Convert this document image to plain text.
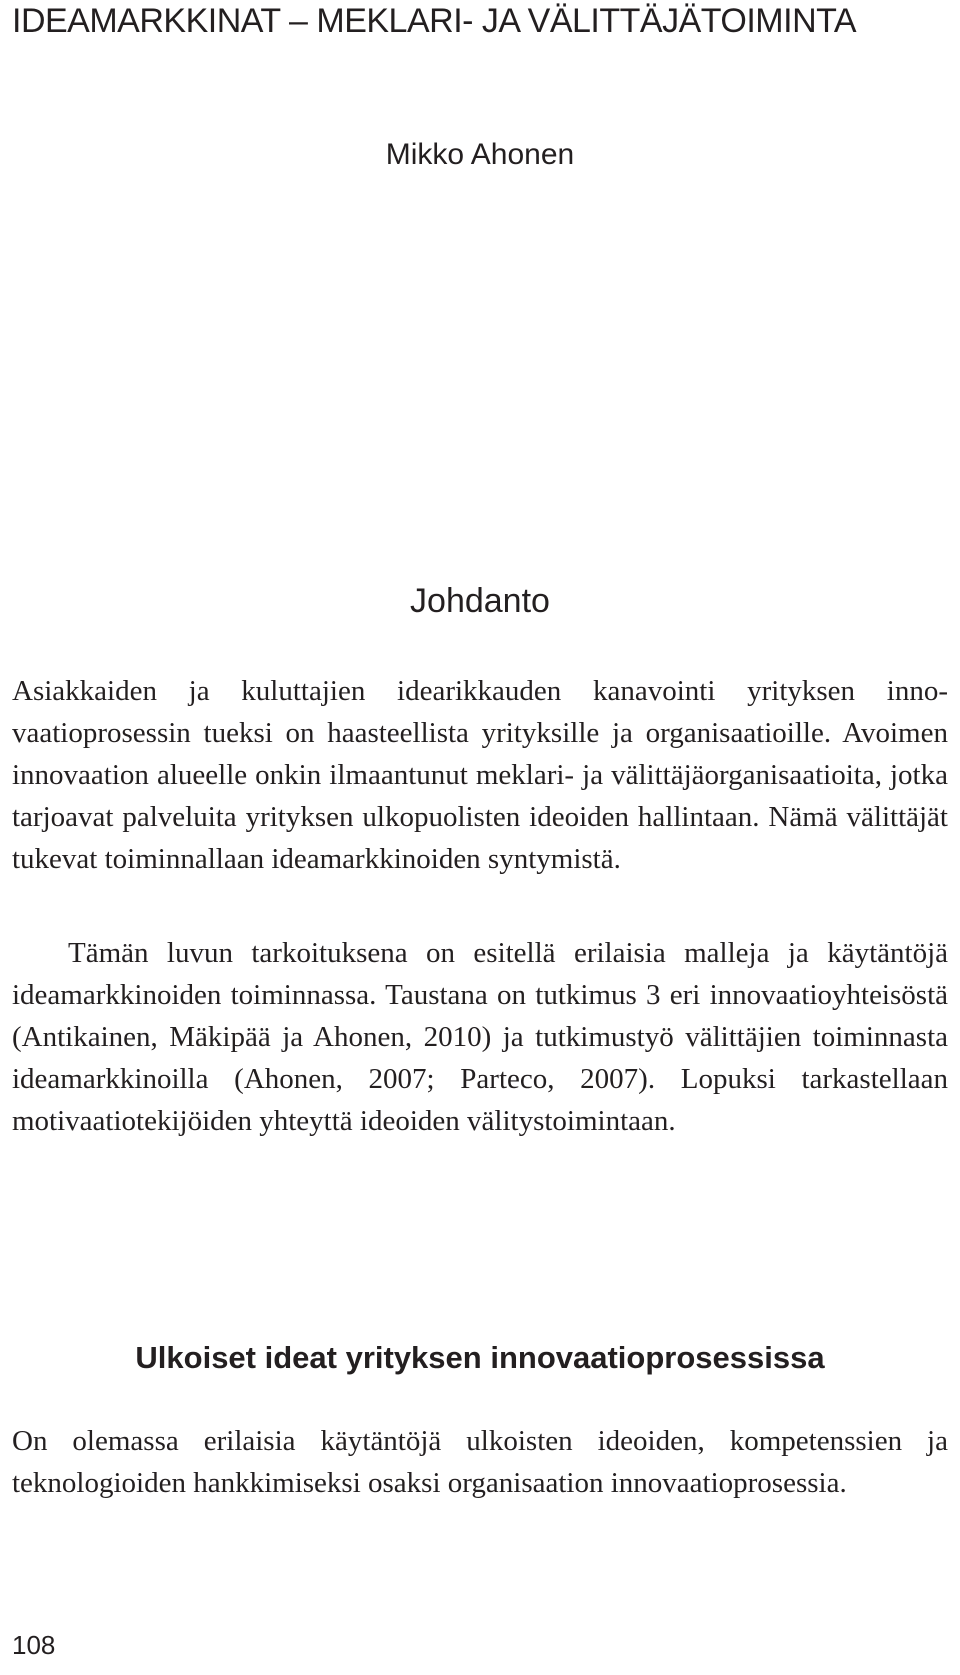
IDEAMARKKINAT – MEKLARI- JA VÄLITTÄJÄTOIMINTA

Mikko Ahonen

Johdanto

Asiakkaiden ja kuluttajien idearikkauden kanavointi yrityksen innovaatioprosessin tueksi on haasteellista yrityksille ja organisaatioille. Avoimen innovaation alueelle onkin ilmaantunut meklari- ja välittäjäorganisaatioita, jotka tarjoavat palveluita yrityksen ulkopuolisten ideoiden hallintaan. Nämä välittäjät tukevat toiminnallaan ideamarkkinoiden syntymistä.

Tämän luvun tarkoituksena on esitellä erilaisia malleja ja käytäntöjä ideamarkkinoiden toiminnassa. Taustana on tutkimus 3 eri innovaatioyhteisöstä (Antikainen, Mäkipää ja Ahonen, 2010) ja tutkimustyö välittäjien toiminnasta ideamarkkinoilla (Ahonen, 2007; Parteco, 2007). Lopuksi tarkastellaan motivaatiotekijöiden yhteyttä ideoiden välitystoimintaan.

Ulkoiset ideat yrityksen innovaatioprosessissa

On olemassa erilaisia käytäntöjä ulkoisten ideoiden, kompetenssien ja teknologioiden hankkimiseksi osaksi organisaation innovaatioprosessia.

108
